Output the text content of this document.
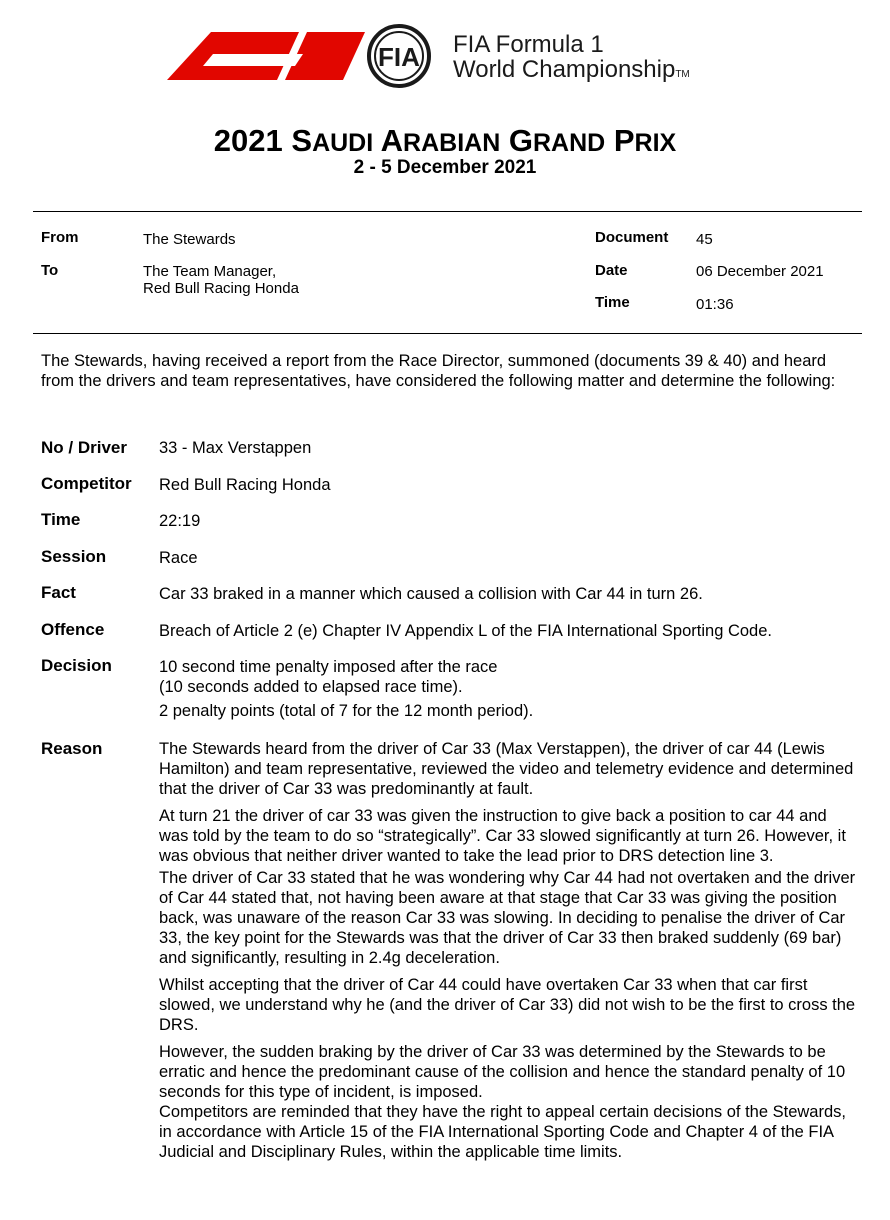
FIA FIA Formula 1
World ChampionshipTM
2021 SAUDI ARABIAN GRAND PRIX
2 - 5 December 2021
From	The Stewards
To	The Team Manager,
Red Bull Racing Honda
Document 45
Date	06 December 2021
Time	01:36
The Stewards, having received a report from the Race Director, summoned (documents 39 & 40) and heard from the drivers and team representatives, have considered the following matter and determine the following:
No / Driver 33 - Max Verstappen
Competitor Red Bull Racing Honda
Time	22:19
Session	Race
Fact	Car 33 braked in a manner which caused a collision with Car 44 in turn 26.
Offence	Breach of Article 2 (e) Chapter IV Appendix L of the FIA International Sporting Code.
Decision	10 second time penalty imposed after the race

(10 seconds added to elapsed race time).

2 penalty points (total of 7 for the 12 month period).

Reason	The Stewards heard from the driver of Car 33 (Max Verstappen), the driver of car 44 (Lewis Hamilton) and team representative, reviewed the video and telemetry evidence and determined that the driver of Car 33 was predominantly at fault.

At turn 21 the driver of car 33 was given the instruction to give back a position to car 44 and was told by the team to do so “strategically”. Car 33 slowed significantly at turn 26. However, it was obvious that neither driver wanted to take the lead prior to DRS detection line 3.

The driver of Car 33 stated that he was wondering why Car 44 had not overtaken and the driver of Car 44 stated that, not having been aware at that stage that Car 33 was giving the position back, was unaware of the reason Car 33 was slowing. In deciding to penalise the driver of Car 33, the key point for the Stewards was that the driver of Car 33 then braked suddenly (69 bar) and significantly, resulting in 2.4g deceleration.

Whilst accepting that the driver of Car 44 could have overtaken Car 33 when that car first slowed, we understand why he (and the driver of Car 33) did not wish to be the first to cross the DRS.

However, the sudden braking by the driver of Car 33 was determined by the Stewards to be erratic and hence the predominant cause of the collision and hence the standard penalty of 10 seconds for this type of incident, is imposed.

Competitors are reminded that they have the right to appeal certain decisions of the Stewards, in accordance with Article 15 of the FIA International Sporting Code and Chapter 4 of the FIA Judicial and Disciplinary Rules, within the applicable time limits.
